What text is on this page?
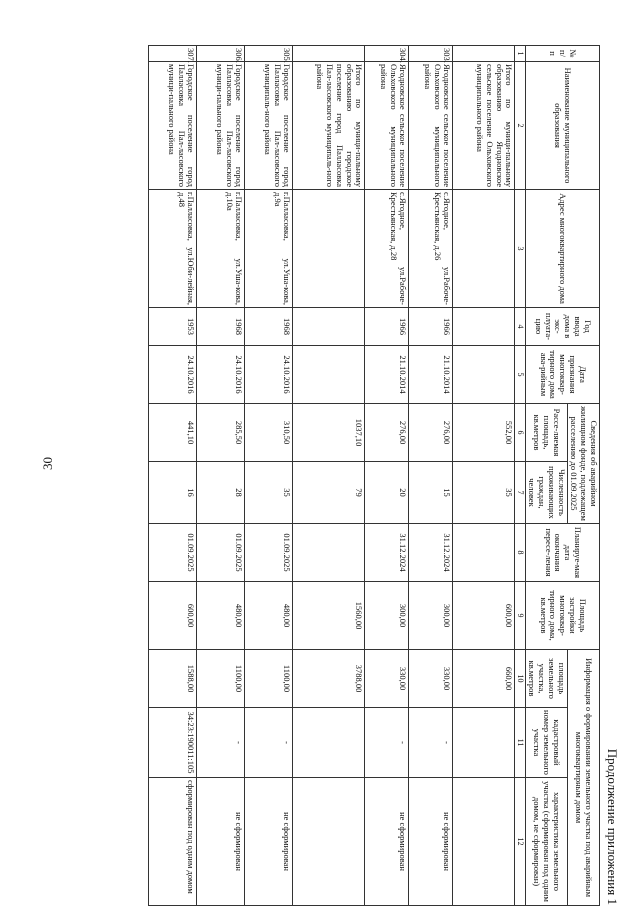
30
Продолжение приложения 1
№ п/п	Наименование муниципального образования	Адрес многоквартирного дома	Год ввода дома в экс-плуата-цию	Дата признания многоквар-тирного дома ава-рийным	Сведения об аварийном жилищном фонде, подлежащем расселению до 01.09.2025		Планируе-мая дата окончания пересе-ления	Площадь застройки многоквар-тирного дома, кв.метров	Информация о формировании земельного участка под аварийным многоквартирным домом		
					Рассе-ляемая площадь, кв.метров	Численность проживающих граждан, человек			площадь земельного участка, кв.метров	кадастровый номер земельного участка	характеристика земельного участка (сформирован под одним домом, не сформирован)
1	2	3	4	5	6	7	8	9	10	11	12
	Итого по муници-пальному образованию Ягодновское сельское поселение Ольховского муниципального района				552,00	35		600,00	660,00		
303.	Ягодновское сельское поселение Ольховского муниципального района	с.Ягодное, ул.Рабоче-Крестьянская, д.26	1966	21.10.2014	276,00	15	31.12.2024	300,00	330,00	-	не сформирован
304.	Ягодновское сельское поселение Ольховского муниципального района	с.Ягодное, ул.Рабоче-Крестьянская, д.28	1966	21.10.2014	276,00	20	31.12.2024	300,00	330,00	-	не сформирован
	Итого по муници-пальному образованию городское поселение город Палласовка Пал-ласовского муниципаль-ного района				1037,10	79		1560,00	3788,00		
305.	Городское поселение город Палласовка Пал-ласовского муниципаль-ного района	г.Палласовка, ул.Уша-кова, д.9а	1968	24.10.2016	310,50	35	01.09.2025	480,00	1100,00	-	не сформирован
306.	Городское поселение город Палласовка Пал-ласовского муници-пального района	г.Палласовка, ул.Уша-кова, д.10а	1968	24.10.2016	285,50	28	01.09.2025	480,00	1100,00	-	не сформирован
307.	Городское поселение город Палласовка Пал-ласовского муници-пального района	г.Палласовка, ул.Юби-лейная, д.48	1953	24.10.2016	441,10	16	01.09.2025	600,00	1588,00	34:23:190011:105	сформирован под одним домом
